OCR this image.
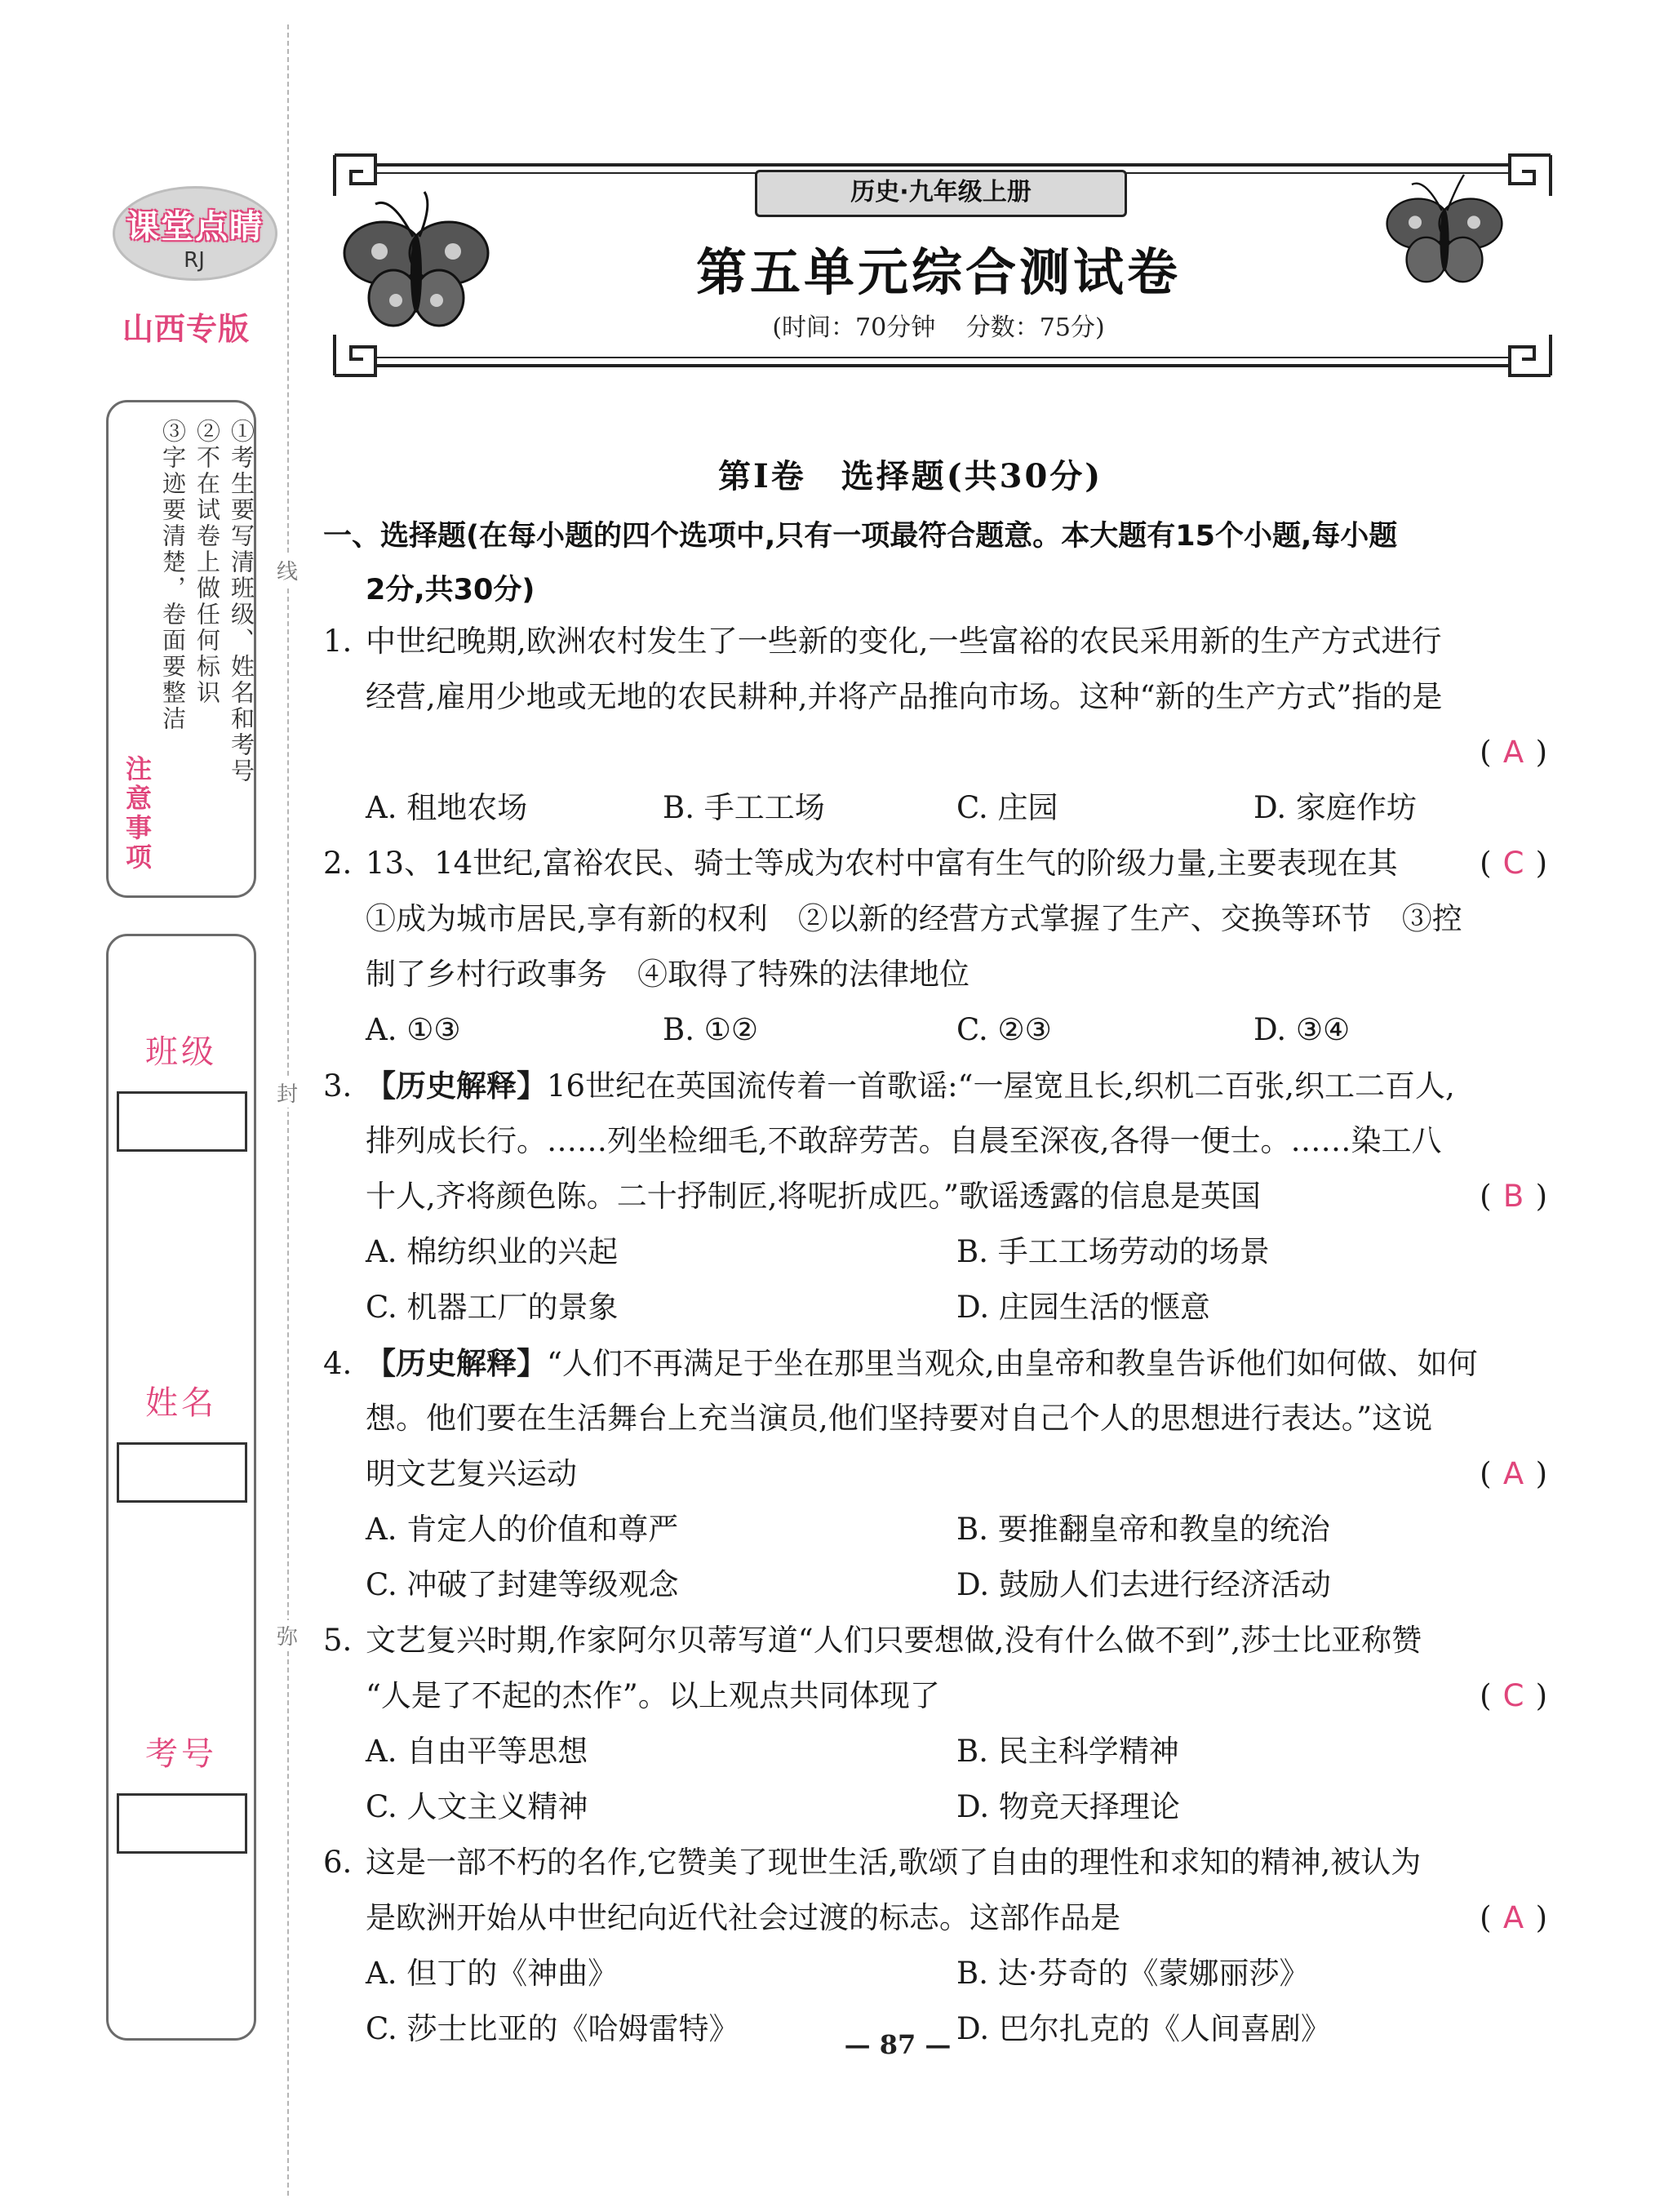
课堂点睛
RJ
山西专版
①考生要写清班级、姓名和考号
②不在试卷上做任何标识
③字迹要清楚，卷面要整洁
注意事项
班级
姓名
考号
线
封
弥
历史·九年级上册
第五单元综合测试卷
(时间：70分钟 分数：75分)
第Ⅰ卷　选择题(共30分)
一、选择题(在每小题的四个选项中,只有一项最符合题意。本大题有15个小题,每小题
2分,共30分)
1. 中世纪晚期,欧洲农村发生了一些新的变化,一些富裕的农民采用新的生产方式进行
经营,雇用少地或无地的农民耕种,并将产品推向市场。这种“新的生产方式”指的是
( A )
A. 租地农场	B. 手工工场	C. 庄园	D. 家庭作坊
2. 13、14世纪,富裕农民、骑士等成为农村中富有生气的阶级力量,主要表现在其	( C )
①成为城市居民,享有新的权利　②以新的经营方式掌握了生产、交换等环节　③控
制了乡村行政事务　④取得了特殊的法律地位
A. ①③	B. ①②	C. ②③	D. ③④
3. 【历史解释】16世纪在英国流传着一首歌谣:“一屋宽且长,织机二百张,织工二百人,
排列成长行。……列坐检细毛,不敢辞劳苦。自晨至深夜,各得一便士。……染工八
十人,齐将颜色陈。二十抒制匠,将呢折成匹。”歌谣透露的信息是英国	( B )
A. 棉纺织业的兴起	B. 手工工场劳动的场景
C. 机器工厂的景象	D. 庄园生活的惬意
4. 【历史解释】“人们不再满足于坐在那里当观众,由皇帝和教皇告诉他们如何做、如何
想。他们要在生活舞台上充当演员,他们坚持要对自己个人的思想进行表达。”这说
明文艺复兴运动	( A )
A. 肯定人的价值和尊严	B. 要推翻皇帝和教皇的统治
C. 冲破了封建等级观念	D. 鼓励人们去进行经济活动
5. 文艺复兴时期,作家阿尔贝蒂写道“人们只要想做,没有什么做不到”,莎士比亚称赞
“人是了不起的杰作”。以上观点共同体现了	( C )
A. 自由平等思想	B. 民主科学精神
C. 人文主义精神	D. 物竞天择理论
6. 这是一部不朽的名作,它赞美了现世生活,歌颂了自由的理性和求知的精神,被认为
是欧洲开始从中世纪向近代社会过渡的标志。这部作品是	( A )
A. 但丁的《神曲》	B. 达·芬奇的《蒙娜丽莎》
C. 莎士比亚的《哈姆雷特》	D. 巴尔扎克的《人间喜剧》
— 87 —
